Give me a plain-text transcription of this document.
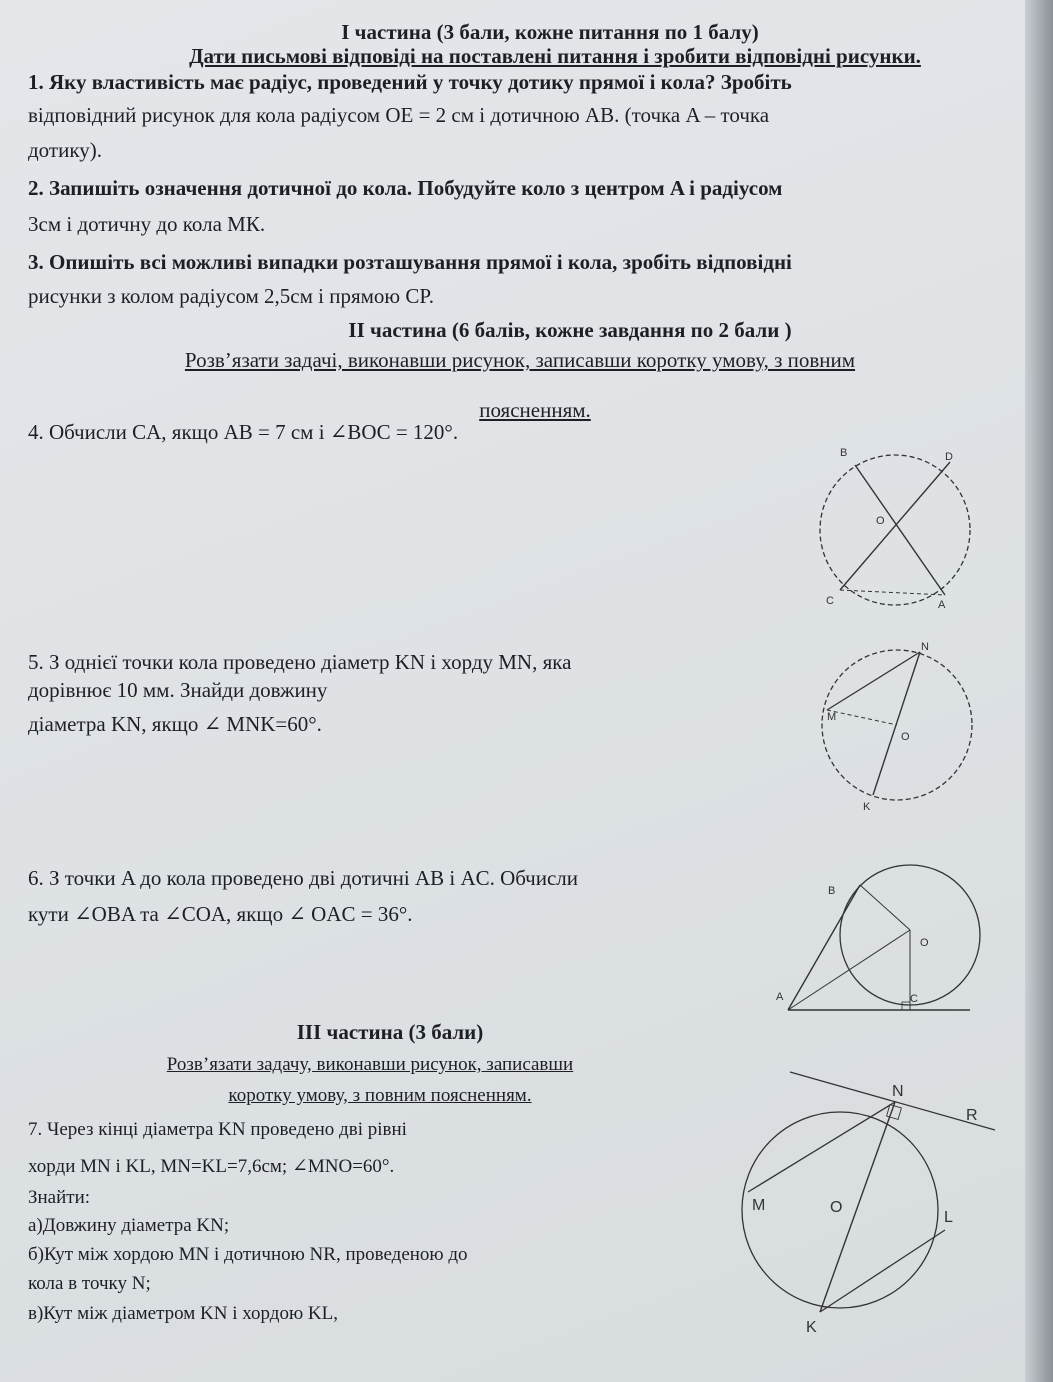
I частина (3 бали, кожне питання по 1 балу)
Дати письмові відповіді на поставлені питання і зробити відповідні рисунки.
1. Яку властивість має радіус, проведений у точку дотику прямої і кола? Зробіть
відповідний рисунок для кола радіусом OE = 2 см і дотичною AB. (точка A – точка
дотику).
2. Запишіть означення дотичної до кола. Побудуйте коло з центром A і радіусом
3см і дотичну до кола МК.
3. Опишіть всі можливі випадки розташування прямої і кола, зробіть відповідні
рисунки з колом радіусом 2,5см і прямою CP.
II частина (6 балів, кожне завдання по 2 бали )
Розв’язати задачі, виконавши рисунок, записавши коротку умову, з повним
поясненням.
4. Обчисли CA, якщо AB = 7 см і ∠BOC = 120°.
5. З однієї точки кола проведено діаметр KN і хорду MN, яка
дорівнює 10 мм. Знайди довжину
діаметра KN, якщо ∠ MNK=60°.
6. З точки A до кола проведено дві дотичні AB і AC. Обчисли
кути ∠OBA та ∠COA, якщо ∠ OAC = 36°.
III частина (3 бали)
Розв’язати задачу, виконавши рисунок, записавши
коротку умову, з повним поясненням.
7. Через кінці діаметра KN проведено дві рівні
хорди MN і KL, MN=KL=7,6см; ∠MNO=60°.
Знайти:
а)Довжину діаметра KN;
б)Кут між хордою MN і дотичною NR, проведеною до
кола в точку N;
в)Кут між діаметром KN і хордою KL,
B	D
O
C	A
N
M
O
K
B
O
A	C
N
R
M	O
L
K
